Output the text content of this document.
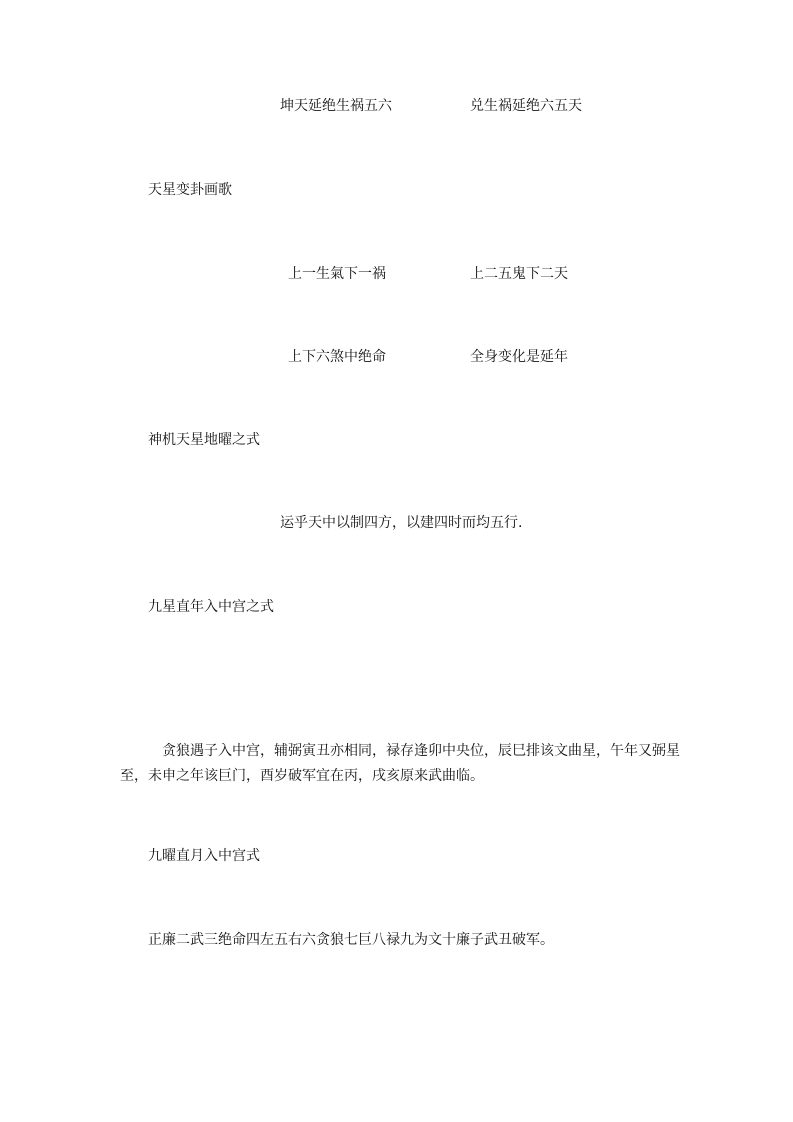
坤天延绝生祸五六	兑生祸延绝六五天
天星变卦画歌
上一生氣下一祸	上二五鬼下二天
上下六煞中绝命	全身变化是延年
神机天星地曜之式
运乎天中以制四方，以建四时而均五行.
九星直年入中宫之式
贪狼遇子入中宫，辅弼寅丑亦相同，禄存逢卯中央位，辰巳排该文曲星，午年又弼星至，未申之年该巨门，酉岁破军宜在丙，戌亥原来武曲临。
九曜直月入中宫式
正廉二武三绝命四左五右六贪狼七巨八禄九为文十廉子武丑破军。
